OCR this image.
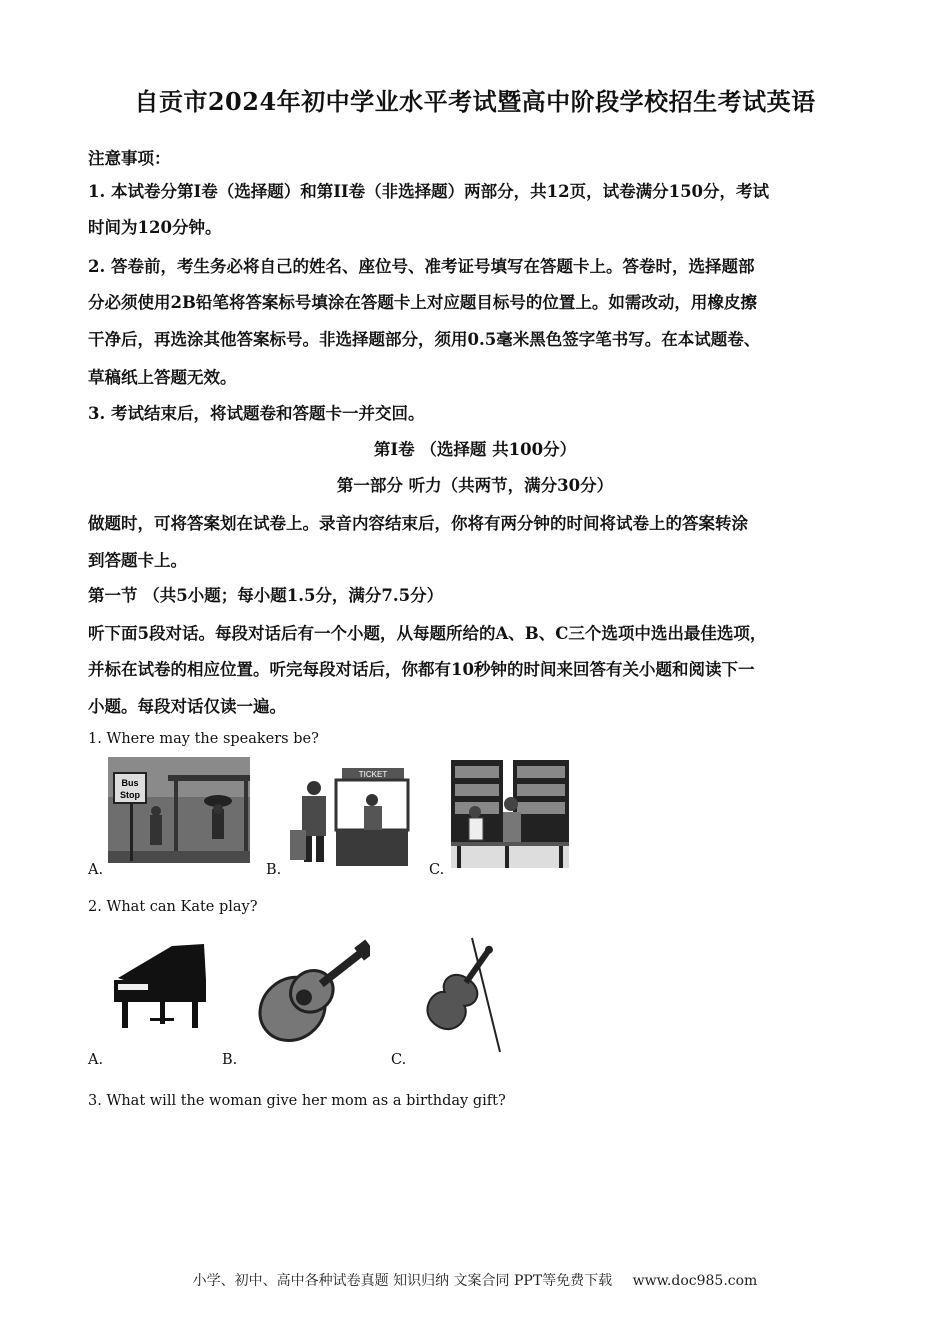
自贡市2024年初中学业水平考试暨高中阶段学校招生考试英语
注意事项：
1. 本试卷分第I卷（选择题）和第II卷（非选择题）两部分，共12页，试卷满分150分，考试
时间为120分钟。
2. 答卷前，考生务必将自己的姓名、座位号、准考证号填写在答题卡上。答卷时，选择题部
分必须使用2B铅笔将答案标号填涂在答题卡上对应题目标号的位置上。如需改动，用橡皮擦
干净后，再选涂其他答案标号。非选择题部分，须用0.5毫米黑色签字笔书写。在本试题卷、
草稿纸上答题无效。
3. 考试结束后，将试题卷和答题卡一并交回。
第I卷 （选择题 共100分）
第一部分 听力（共两节，满分30分）
做题时，可将答案划在试卷上。录音内容结束后，你将有两分钟的时间将试卷上的答案转涂
到答题卡上。
第一节 （共5小题；每小题1.5分，满分7.5分）
听下面5段对话。每段对话后有一个小题，从每题所给的A、B、C三个选项中选出最佳选项，
并标在试卷的相应位置。听完每段对话后，你都有10秒钟的时间来回答有关小题和阅读下一
小题。每段对话仅读一遍。
1. Where may the speakers be?
Bus
Stop
A.
TICKET
B.	C.
2. What can Kate play?
A.	B.	C.
3. What will the woman give her mom as a birthday gift?
小学、初中、高中各种试卷真题 知识归纳 文案合同 PPT等免费下载 www.doc985.com
